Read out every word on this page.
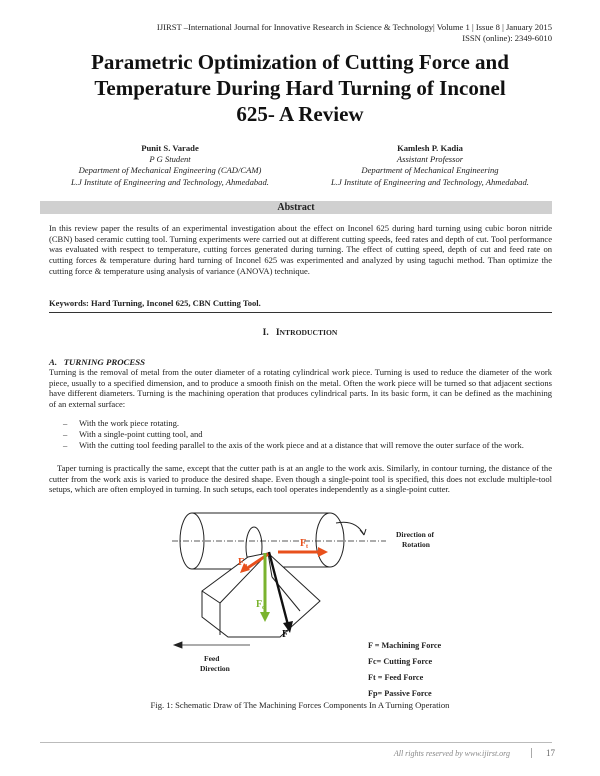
IJIRST –International Journal for Innovative Research in Science & Technology| Volume 1 | Issue 8 | January 2015
ISSN (online): 2349-6010
Parametric Optimization of Cutting Force and
Temperature During Hard Turning of Inconel
625- A Review
Punit S. Varade
P G Student
Department of Mechanical Engineering (CAD/CAM)
L.J Institute of Engineering and Technology, Ahmedabad.
Kamlesh P. Kadia
Assistant Professor
Department of Mechanical Engineering
L.J Institute of Engineering and Technology, Ahmedabad.
Abstract
In this review paper the results of an experimental investigation about the effect on Inconel 625 during hard turning using cubic boron nitride (CBN) based ceramic cutting tool. Turning experiments were carried out at different cutting speeds, feed rates and depth of cut. Tool performance was evaluated with respect to temperature, cutting forces generated during turning. The effect of cutting speed, depth of cut and feed rate on cutting forces & temperature during hard turning of Inconel 625 was experimented and analyzed by using taguchi method. Than optimize the cutting force & temperature using analysis of variance (ANOVA) technique.
Keywords: Hard Turning, Inconel 625, CBN Cutting Tool.
I. INTRODUCTION
A. TURNING PROCESS
Turning is the removal of metal from the outer diameter of a rotating cylindrical work piece. Turning is used to reduce the diameter of the work piece, usually to a specified dimension, and to produce a smooth finish on the metal. Often the work piece will be turned so that adjacent sections have different diameters. Turning is the machining operation that produces cylindrical parts. In its basic form, it can be defined as the machining of an external surface:
– With the work piece rotating.
– With a single-point cutting tool, and
– With the cutting tool feeding parallel to the axis of the work piece and at a distance that will remove the outer surface of the work.
Taper turning is practically the same, except that the cutter path is at an angle to the work axis. Similarly, in contour turning, the distance of the cutter from the work axis is varied to produce the desired shape. Even though a single-point tool is specified, this does not exclude multiple-tool setups, which are often employed in turning. In such setups, each tool operates independently as a single-point cutter.
F t
F p
F c
F
Direction of
Rotation
Feed
Direction
F = Machining Force
Fc= Cutting Force
Ft = Feed Force
Fp= Passive Force
Fig. 1: Schematic Draw of The Machining Forces Components In A Turning Operation
All rights reserved by www.ijirst.org	17
